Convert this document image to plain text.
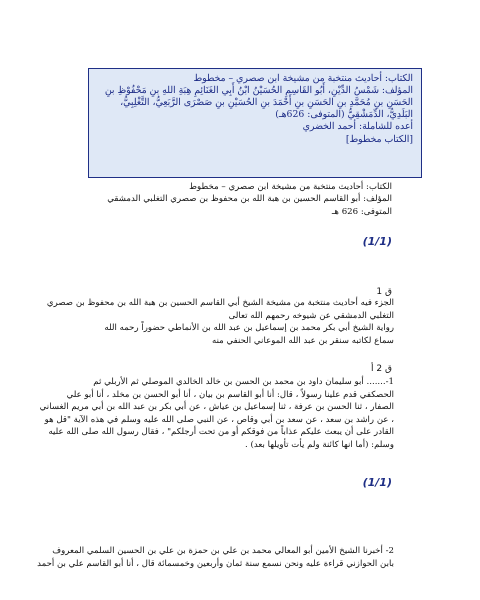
الكتاب: أحاديث منتخبة من مشيخة ابن صصري – مخطوط
المؤلف: شَمْسُ الدِّيْنِ، أَبُو القَاسِمِ الحُسَيْنُ ابْنُ أَبِي الغَنَائِمِ هِبَةِ اللهِ بنِ مَحْفُوْظِ بنِ
الحَسَنِ بنِ مُحَمَّدِ بنِ الحَسَنِ بنِ أَحْمَدَ بنِ الحُسَيْنِ بنِ صَصْرَى الرَّبَعِيُّ، التَّغْلِبِيُّ،
البَلَدِيُّ، الدِّمَشْقِيُّ (المتوفى: 626هـ)
أعده للشاملة: أحمد الخضري
[الكتاب مخطوط]
الكتاب: أحاديث منتخبة من مشيخة ابن صصري – مخطوط
المؤلف: أبو القاسم الحسين بن هبة الله بن محفوظ بن صصري التغلبي الدمشقي
المتوفى: 626 هـ
(1/1)
ق 1
الجزء فيه أحاديث منتخبة من مشيخة الشيخ أبي القاسم الحسين بن هبة الله بن محفوظ بن صصري
التغلبي الدمشقي عن شيوخه رحمهم الله تعالى
رواية الشيخ أبي بكر محمد بن إسماعيل بن عبد الله بن الأنماطي حضوراً رحمه الله
سماع لكاتبه سنقر بن عبد الله الموعاني الحنفي منه
ق 2 أ
1-....... أبو سليمان داود بن محمد بن الحسن بن خالد الخالدي الموصلي ثم الأربلي ثم
الحصكفي قدم علينا رسولاً ، قال: أنا أبو القاسم بن بيان ، أنا أبو الحسن بن مخلد ، أنا أبو علي
الصفار ، ثنا الحسن بن عرفة ، ثنا إسماعيل بن عياش ، عن أبي بكر بن عبد الله بن أبي مريم الغساني
، عن راشد بن سعد ، عن سعد بن أبي وقاص ، عن النبي صلى الله عليه وسلم في هذه الآية "قل هو
القادر على أن يبعث عليكم عذاباً من فوقكم أو من تحت أرجلكم" ، فقال رسول الله صلى الله عليه
وسلم: (أما انها كائنة ولم يأت تأويلها بعد) .
(1/1)
2- أخبرنا الشيخ الأمين أبو المعالي محمد بن علي بن حمزة بن علي بن الحسين السلمي المعروف
بابن الحوازني قراءة عليه ونحن نسمع سنة ثمان وأربعين وخمسمائة قال ، أنا أبو القاسم علي بن أحمد
